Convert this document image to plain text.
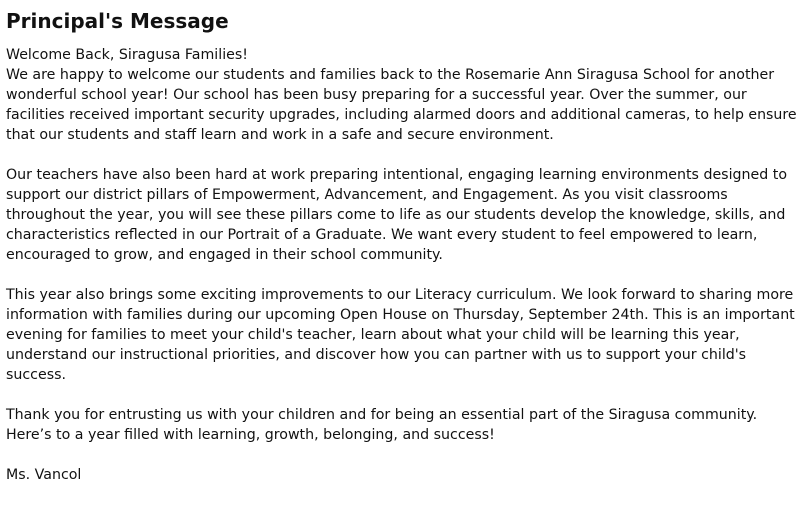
Principal's Message
Welcome Back, Siragusa Families!
We are happy to welcome our students and families back to the Rosemarie Ann Siragusa School for another
wonderful school year! Our school has been busy preparing for a successful year. Over the summer, our
facilities received important security upgrades, including alarmed doors and additional cameras, to help ensure
that our students and staff learn and work in a safe and secure environment.
Our teachers have also been hard at work preparing intentional, engaging learning environments designed to
support our district pillars of Empowerment, Advancement, and Engagement. As you visit classrooms
throughout the year, you will see these pillars come to life as our students develop the knowledge, skills, and
characteristics reflected in our Portrait of a Graduate. We want every student to feel empowered to learn,
encouraged to grow, and engaged in their school community.
This year also brings some exciting improvements to our Literacy curriculum. We look forward to sharing more
information with families during our upcoming Open House on Thursday, September 24th. This is an important
evening for families to meet your child's teacher, learn about what your child will be learning this year,
understand our instructional priorities, and discover how you can partner with us to support your child's
success.
Thank you for entrusting us with your children and for being an essential part of the Siragusa community.
Here’s to a year filled with learning, growth, belonging, and success!
Ms. Vancol
